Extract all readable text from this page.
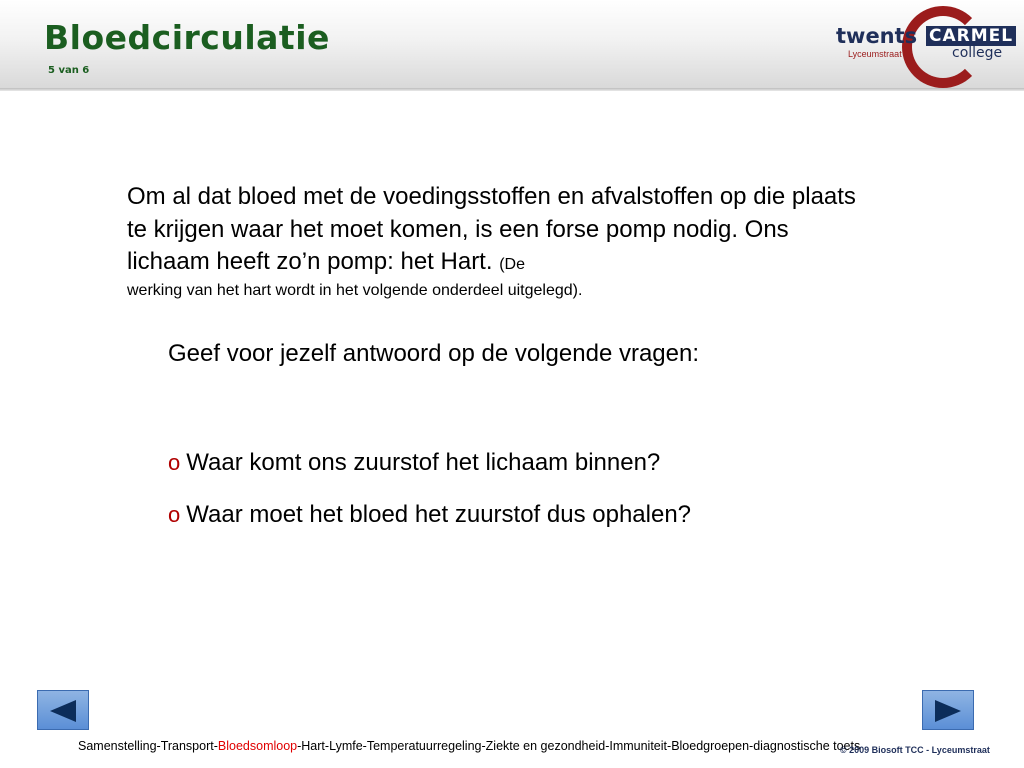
Bloedcirculatie
5 van 6
twents
Lyceumstraat
CARMEL
college
Om al dat bloed met de voedingsstoffen en afvalstoffen op die plaats te krijgen waar het moet komen, is een forse pomp nodig. Ons lichaam heeft zo’n pomp: het Hart. (De
werking van het hart wordt in het volgende onderdeel uitgelegd).
Geef voor jezelf antwoord op de volgende vragen:
o Waar komt ons zuurstof het lichaam binnen?
o Waar moet het bloed het zuurstof dus ophalen?
Samenstelling-Transport-Bloedsomloop-Hart-Lymfe-Temperatuurregeling-Ziekte en gezondheid-Immuniteit-Bloedgroepen-diagnostische toets
© 2009 Biosoft TCC - Lyceumstraat
